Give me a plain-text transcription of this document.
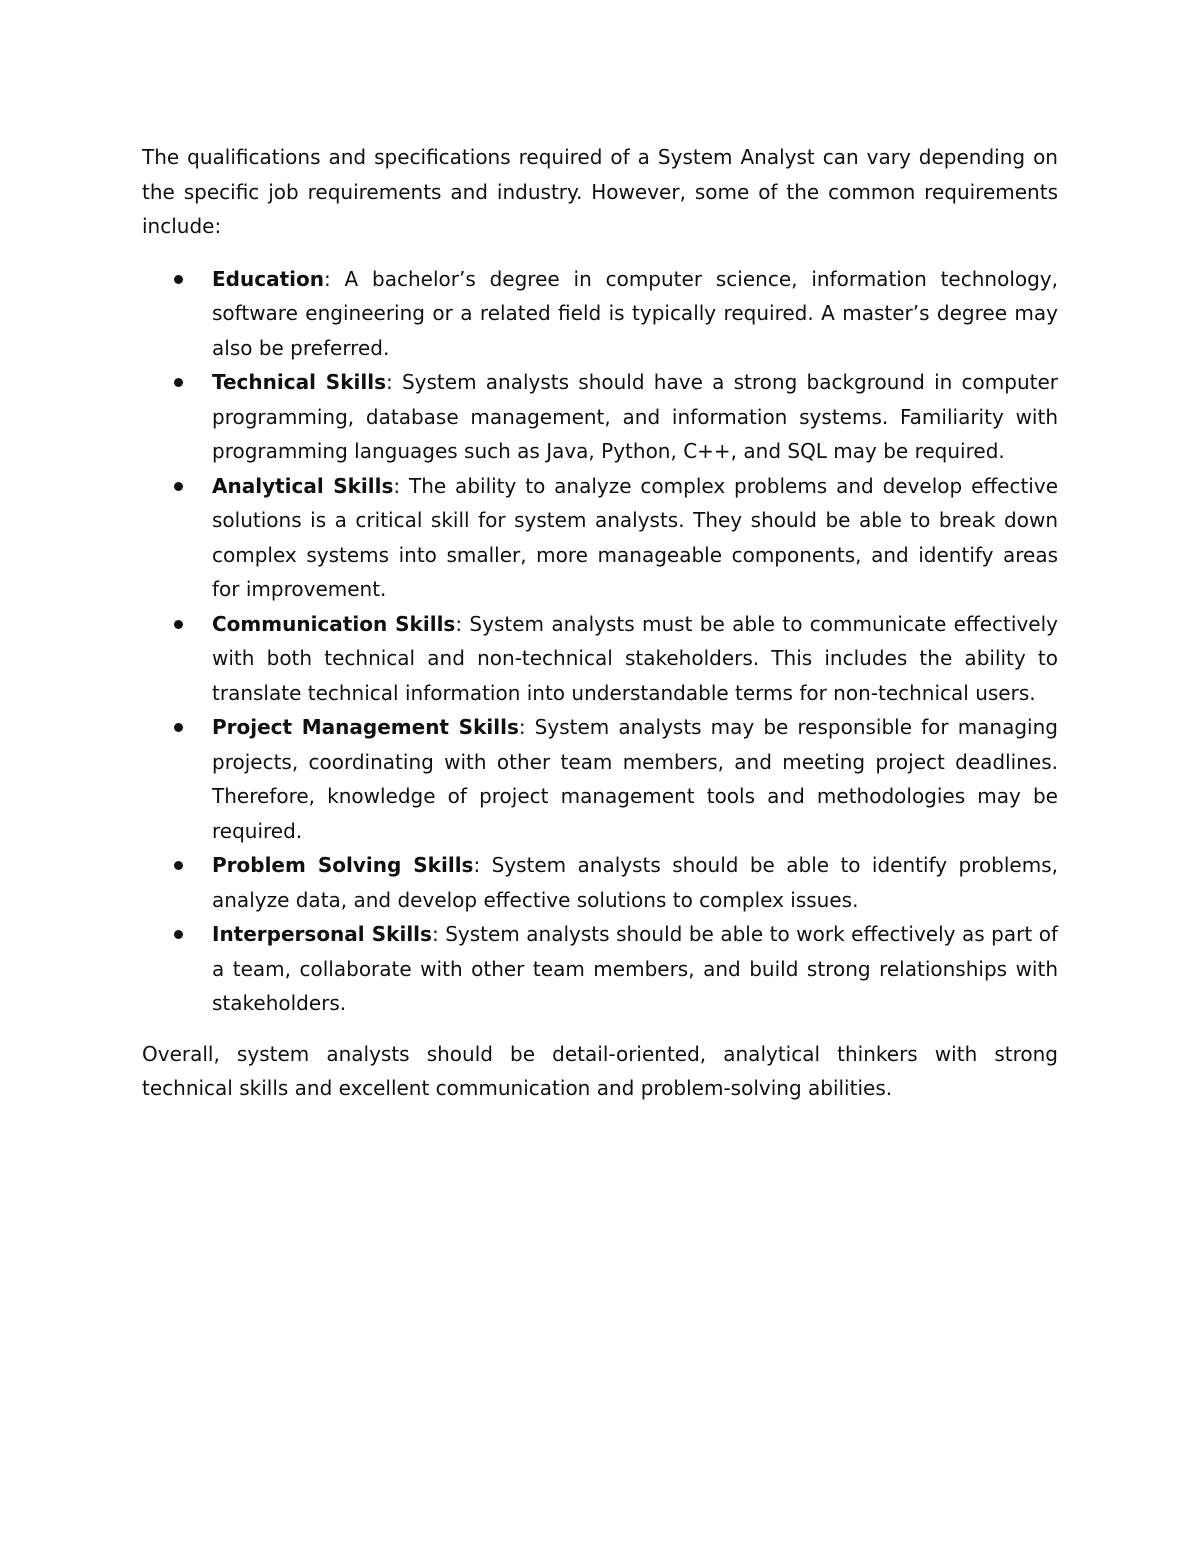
The qualifications and specifications required of a System Analyst can vary depending on the specific job requirements and industry. However, some of the common requirements include:

Education: A bachelor’s degree in computer science, information technology, software engineering or a related field is typically required. A master’s degree may also be preferred.
Technical Skills: System analysts should have a strong background in computer programming, database management, and information systems. Familiarity with programming languages such as Java, Python, C++, and SQL may be required.
Analytical Skills: The ability to analyze complex problems and develop effective solutions is a critical skill for system analysts. They should be able to break down complex systems into smaller, more manageable components, and identify areas for improvement.
Communication Skills: System analysts must be able to communicate effectively with both technical and non-technical stakeholders. This includes the ability to translate technical information into understandable terms for non-technical users.
Project Management Skills: System analysts may be responsible for managing projects, coordinating with other team members, and meeting project deadlines. Therefore, knowledge of project management tools and methodologies may be required.
Problem Solving Skills: System analysts should be able to identify problems, analyze data, and develop effective solutions to complex issues.
Interpersonal Skills: System analysts should be able to work effectively as part of a team, collaborate with other team members, and build strong relationships with stakeholders.

Overall, system analysts should be detail-oriented, analytical thinkers with strong technical skills and excellent communication and problem-solving abilities.
